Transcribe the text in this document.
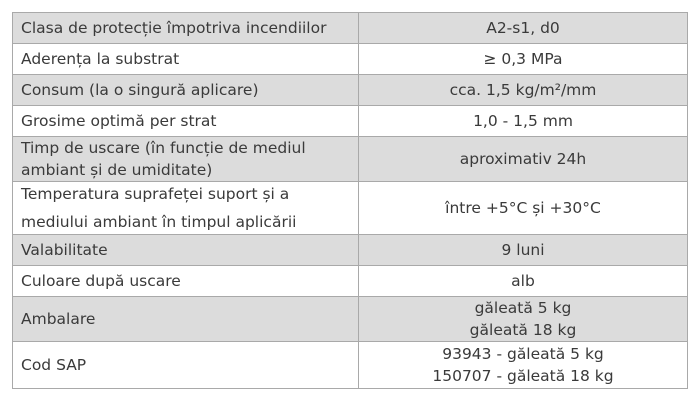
Clasa de protecție împotriva incendiilor	A2-s1, d0

Aderența la substrat	≥ 0,3 MPa

Consum (la o singură aplicare)	cca. 1,5 kg/m²/mm

Grosime optimă per strat	1,0 - 1,5 mm

Timp de uscare (în funcție de mediul
ambiant și de umiditate)	aproximativ 24h

Temperatura suprafeței suport și a
mediului ambiant în timpul aplicării	între +5°C și +30°C

Valabilitate	9 luni

Culoare după uscare	alb

Ambalare	găleată 5 kg
găleată 18 kg

Cod SAP	93943 - găleată 5 kg
150707 - găleată 18 kg
